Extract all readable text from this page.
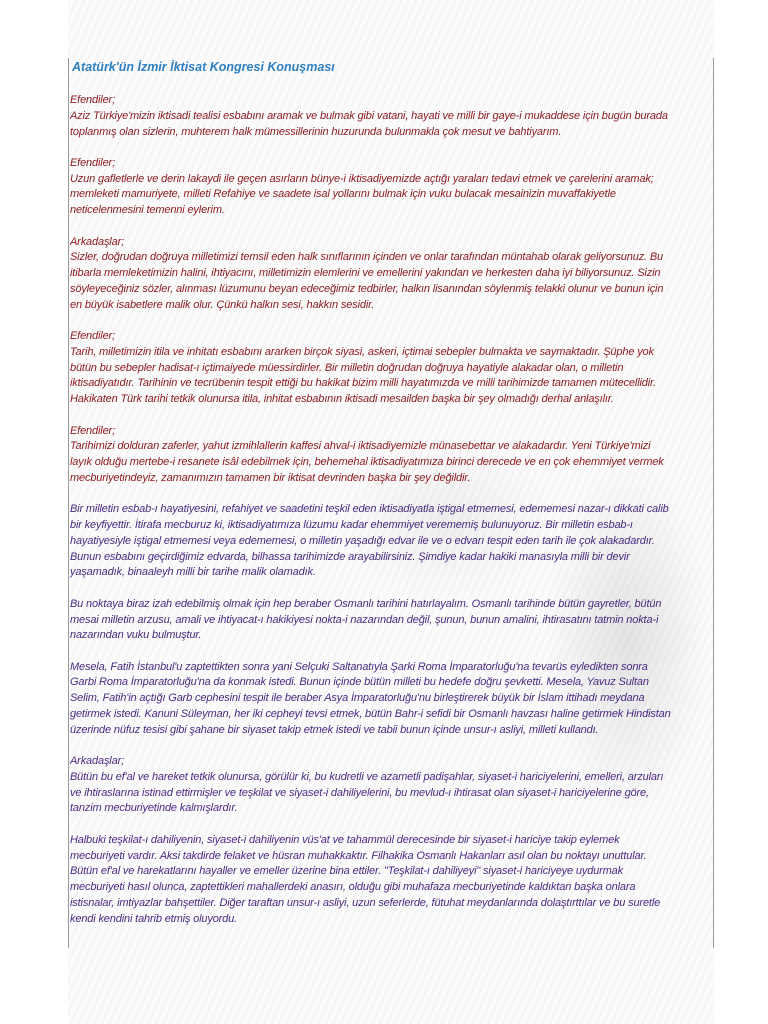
Atatürk'ün İzmir İktisat Kongresi Konuşması
Efendiler;
Aziz Türkiye'mizin iktisadi tealisi esbabını aramak ve bulmak gibi vatani, hayati ve milli bir gaye-i mukaddese için bugün burada
toplanmış olan sizlerin, muhterem halk mümessillerinin huzurunda bulunmakla çok mesut ve bahtiyarım.
Efendiler;
Uzun gafletlerle ve derin lakaydi ile geçen asırların bünye-i iktisadiyemizde açtığı yaraları tedavi etmek ve çarelerini aramak;
memleketi mamuriyete, milleti Refahiye ve saadete isal yollarını bulmak için vuku bulacak mesainizin muvaffakiyetle
neticelenmesini temenni eylerim.
Arkadaşlar;
Sizler, doğrudan doğruya milletimizi temsil eden halk sınıflarının içinden ve onlar tarafından müntahab olarak geliyorsunuz. Bu
itibarla memleketimizin halini, ihtiyacını, milletimizin elemlerini ve emellerini yakından ve herkesten daha iyi biliyorsunuz. Sizin
söyleyeceğiniz sözler, alınması lüzumunu beyan edeceğimiz tedbirler, halkın lisanından söylenmiş telakki olunur ve bunun için
en büyük isabetlere malik olur. Çünkü halkın sesi, hakkın sesidir.
Efendiler;
Tarih, milletimizin itila ve inhitatı esbabını ararken birçok siyasi, askeri, içtimai sebepler bulmakta ve saymaktadır. Şüphe yok
bütün bu sebepler hadisat-ı içtimaiyede müessirdirler. Bir milletin doğrudan doğruya hayatiyle alakadar olan, o milletin
iktisadiyatıdır. Tarihinin ve tecrübenin tespit ettiği bu hakikat bizim milli hayatımızda ve milli tarihimizde tamamen mütecellidir.
Hakikaten Türk tarihi tetkik olunursa itila, inhitat esbabının iktisadi mesailden başka bir şey olmadığı derhal anlaşılır.
Efendiler;
Tarihimizi dolduran zaferler, yahut izmihlallerin kaffesi ahval-i iktisadiyemizle münasebettar ve alakadardır. Yeni Türkiye'mizi
layık olduğu mertebe-i resanete isâl edebilmek için, behemehal iktisadiyatımıza birinci derecede ve en çok ehemmiyet vermek
mecburiyetindeyiz, zamanımızın tamamen bir iktisat devrinden başka bir şey değildir.
Bir milletin esbab-ı hayatiyesini, refahiyet ve saadetini teşkil eden iktisadiyatla iştigal etmemesi, edememesi nazar-ı dikkati calib
bir keyfiyettir. İtirafa mecburuz ki, iktisadiyatımıza lüzumu kadar ehemmiyet verememiş bulunuyoruz. Bir milletin esbab-ı
hayatiyesiyle iştigal etmemesi veya edememesi, o milletin yaşadığı edvar ile ve o edvarı tespit eden tarih ile çok alakadardır.
Bunun esbabını geçirdiğimiz edvarda, bilhassa tarihimizde arayabilirsiniz. Şimdiye kadar hakiki manasıyla milli bir devir
yaşamadık, binaaleyh milli bir tarihe malik olamadık.
Bu noktaya biraz izah edebilmiş olmak için hep beraber Osmanlı tarihini hatırlayalım. Osmanlı tarihinde bütün gayretler, bütün
mesai milletin arzusu, amali ve ihtiyacat-ı hakikiyesi nokta-i nazarından değil, şunun, bunun amalini, ihtirasatını tatmin nokta-i
nazarından vuku bulmuştur.
Mesela, Fatih İstanbul'u zaptettikten sonra yani Selçuki Saltanatıyla Şarki Roma İmparatorluğu'na tevarüs eyledikten sonra
Garbi Roma İmparatorluğu'na da konmak istedi. Bunun içinde bütün milleti bu hedefe doğru şevketti. Mesela, Yavuz Sultan
Selim, Fatih'in açtığı Garb cephesini tespit ile beraber Asya İmparatorluğu'nu birleştirerek büyük bir İslam ittihadı meydana
getirmek istedi. Kanuni Süleyman, her iki cepheyi tevsi etmek, bütün Bahr-i sefidi bir Osmanlı havzası haline getirmek Hindistan
üzerinde nüfuz tesisi gibi şahane bir siyaset takip etmek istedi ve tabii bunun içinde unsur-ı asliyi, milleti kullandı.
Arkadaşlar;
Bütün bu ef'al ve hareket tetkik olunursa, görülür ki, bu kudretli ve azametli padişahlar, siyaset-i hariciyelerini, emelleri, arzuları
ve ihtiraslarına istinad ettirmişler ve teşkilat ve siyaset-i dahiliyelerini, bu mevlud-ı ihtirasat olan siyaset-i hariciyelerine göre,
tanzim mecburiyetinde kalmışlardır.
Halbuki teşkilat-ı dahiliyenin, siyaset-i dahiliyenin vüs'at ve tahammül derecesinde bir siyaset-i hariciye takip eylemek
mecburiyeti vardır. Aksi takdirde felaket ve hüsran muhakkaktır. Filhakika Osmanlı Hakanları asıl olan bu noktayı unuttular.
Bütün ef'al ve harekatlarını hayaller ve emeller üzerine bina ettiler. "Teşkilat-ı dahiliyeyi" siyaset-i hariciyeye uydurmak
mecburiyeti hasıl olunca, zaptettikleri mahallerdeki anasırı, olduğu gibi muhafaza mecburiyetinde kaldıktan başka onlara
istisnalar, imtiyazlar bahşettiler. Diğer taraftan unsur-ı asliyi, uzun seferlerde, fütuhat meydanlarında dolaştırttılar ve bu suretle
kendi kendini tahrib etmiş oluyordu.
